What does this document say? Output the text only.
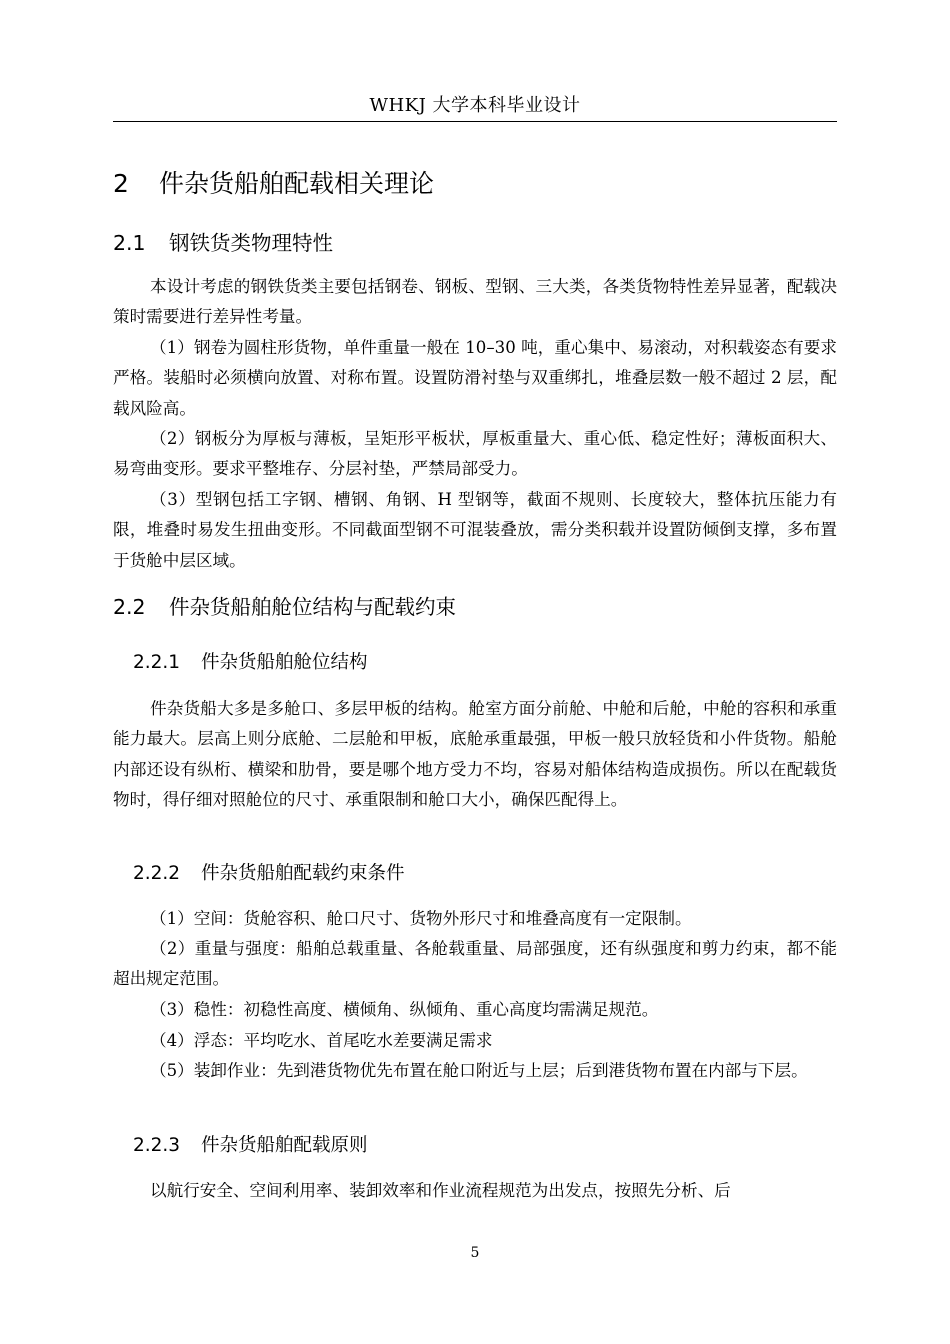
WHKJ 大学本科毕业设计
2 件杂货船舶配载相关理论
2.1 钢铁货类物理特性
本设计考虑的钢铁货类主要包括钢卷、钢板、型钢、三大类，各类货物特性差异显著，配载决策时需要进行差异性考量。
（1）钢卷为圆柱形货物，单件重量一般在 10–30 吨，重心集中、易滚动，对积载姿态有要求严格。装船时必须横向放置、对称布置。设置防滑衬垫与双重绑扎，堆叠层数一般不超过 2 层，配载风险高。
（2）钢板分为厚板与薄板，呈矩形平板状，厚板重量大、重心低、稳定性好；薄板面积大、易弯曲变形。要求平整堆存、分层衬垫，严禁局部受力。
（3）型钢包括工字钢、槽钢、角钢、H 型钢等，截面不规则、长度较大，整体抗压能力有限，堆叠时易发生扭曲变形。不同截面型钢不可混装叠放，需分类积载并设置防倾倒支撑，多布置于货舱中层区域。
2.2 件杂货船舶舱位结构与配载约束
2.2.1 件杂货船舶舱位结构
件杂货船大多是多舱口、多层甲板的结构。舱室方面分前舱、中舱和后舱，中舱的容积和承重能力最大。层高上则分底舱、二层舱和甲板，底舱承重最强，甲板一般只放轻货和小件货物。船舱内部还设有纵桁、横梁和肋骨，要是哪个地方受力不均，容易对船体结构造成损伤。所以在配载货物时，得仔细对照舱位的尺寸、承重限制和舱口大小，确保匹配得上。
2.2.2 件杂货船舶配载约束条件
（1）空间：货舱容积、舱口尺寸、货物外形尺寸和堆叠高度有一定限制。
（2）重量与强度：船舶总载重量、各舱载重量、局部强度，还有纵强度和剪力约束，都不能超出规定范围。
（3）稳性：初稳性高度、横倾角、纵倾角、重心高度均需满足规范。
（4）浮态：平均吃水、首尾吃水差要满足需求
（5）装卸作业：先到港货物优先布置在舱口附近与上层；后到港货物布置在内部与下层。
2.2.3 件杂货船舶配载原则
以航行安全、空间利用率、装卸效率和作业流程规范为出发点，按照先分析、后
5
